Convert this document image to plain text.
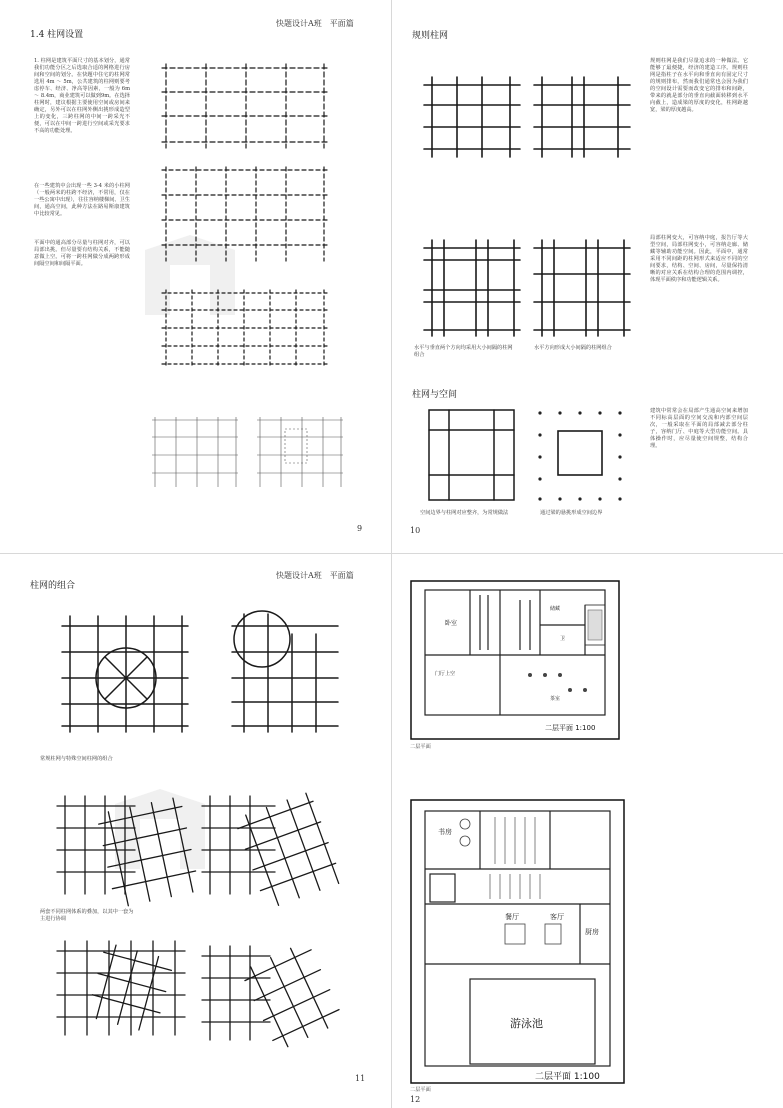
快题设计A班　平面篇
1.4 柱网设置
1. 柱网是建筑平面尺寸的基本划分，通常我们功能分区之后选取合适的网格进行房间和空间的划分。在快题中住宅的柱网常选用 4m ～ 5m，公共建筑的柱网则要考虑停车、经济、净高等因素，一般为 6m ～ 8.4m，商业建筑可以做到9m。在选择柱网时，建议根据主要使用空间或房间来确定，另外可以在柱网外侧出挑形成造型上的变化，三跨柱网的中间一跨采光不便，可以在中间一跨进行空间或采光要求不高的功能处理。
在一些建筑中会出现一些 3-4 米的小柱网（一般两米的柱跨不经济，不常用，仅在一些公寓中出现），往往容纳楼梯间、卫生间，通高空间，此种方法在路易斯康建筑中比较常见。
平面中的通高部分尽量与柱网对齐，可以局部出挑。但尽量要有结构关系，不能随意做上空。可将一跨柱网做分成两跨形成间隔空间和间隔平面。
9
规则柱网
规则柱网是我们尽量追求的一种做法。它能够了最便捷，经济的建造工序。规则柱网是指柱子在水平向和垂直向有固定尺寸的规则排布，然而我们通常也会因为我们的空间设计需要而改变它的排布和间距，带来的就是部分的垂直向截面转移到水平向截上，造成梁的厚度的变化，柱网距越宽，梁的厚度越高。
局部柱网变大，可容纳中庭，报告厅等大型空间，局部柱网变小，可容纳走廊、储藏等辅助功能空间。因此，平面中，通常采用不同间距的柱网形式来适应不同的空间要求，结构、空间、房间，尽量保持清晰的对应关系在结构合理的范围内调控，体现平面秩序和功能逻辑关系。
水平与垂直两个方向均采用大小间隔的柱网组合
水平方向形成大小间隔的柱网组合
柱网与空间
建筑中常常会在局部产生通高空间来增加不同标高层面的空间交流和内部空间层次，一般采取在平面的局部减去部分柱子，容纳门厅、中庭等大型功能空间。具体操作时，应尽量使空间规整，结构合理。
空间边界与柱网对应整齐，为常规做法	通过梁的悬挑形成空间边界
10
快题设计A班　平面篇
柱网的组合
常规柱网与特殊空间柱网的组合
两套不同柱网体系的叠加，以其中一套为主进行协调
11
卧室
储藏
卫
门厅上空
茶室
二层平面 1:100
二层平面
书房
餐厅	客厅
厨房
游泳池
二层平面 1:100
二层平面
12
